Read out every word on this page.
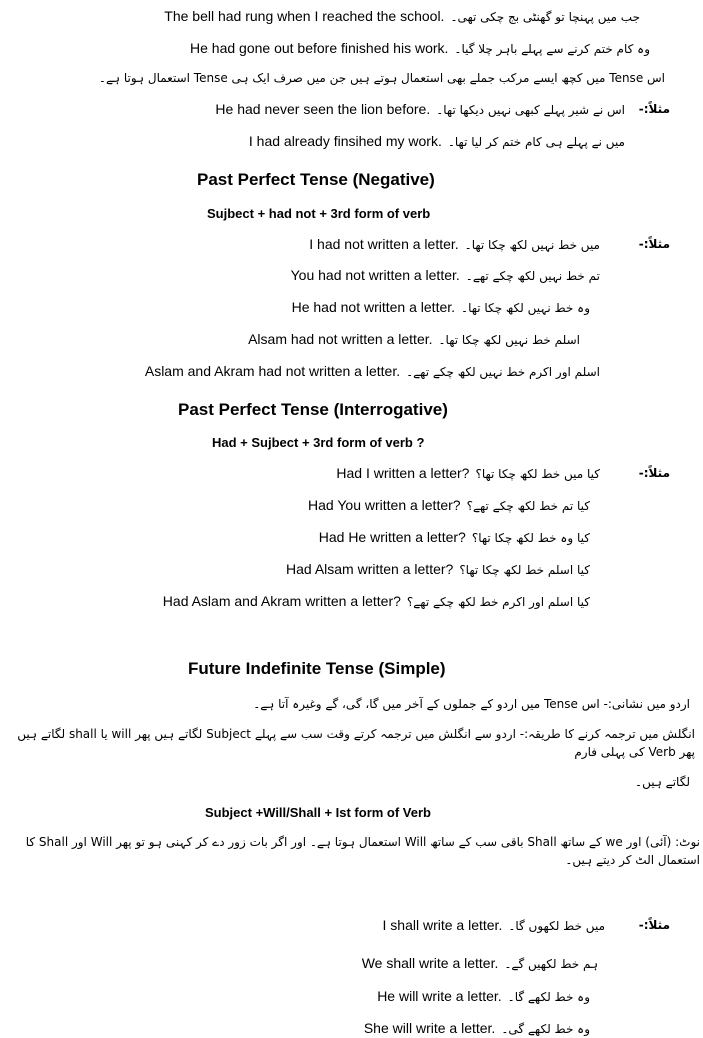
The bell had rung when I reached the school. جب میں پہنچا تو گھنٹی بج چکی تھی۔
He had gone out before finished his work. وہ کام ختم کرنے سے پہلے باہر چلا گیا۔
اس Tense میں کچھ ایسے مرکب جملے بھی استعمال ہوتے ہیں جن میں صرف ایک ہی Tense استعمال ہوتا ہے۔
مثلاً:-
He had never seen the lion before. اس نے شیر پہلے کبھی نہیں دیکھا تھا۔
I had already finsihed my work. میں نے پہلے ہی کام ختم کر لیا تھا۔
Past Perfect Tense (Negative)
Sujbect + had not + 3rd form of verb
مثلاً:-
I had not written a letter. میں خط نہیں لکھ چکا تھا۔
You had not written a letter. تم خط نہیں لکھ چکے تھے۔
He had not written a letter. وہ خط نہیں لکھ چکا تھا۔
Alsam had not written a letter. اسلم خط نہیں لکھ چکا تھا۔
Aslam and Akram had not written a letter. اسلم اور اکرم خط نہیں لکھ چکے تھے۔
Past Perfect Tense (Interrogative)
Had + Sujbect + 3rd form of verb ?
مثلاً:-
Had I written a letter? کیا میں خط لکھ چکا تھا؟
Had You written a letter? کیا تم خط لکھ چکے تھے؟
Had He written a letter? کیا وہ خط لکھ چکا تھا؟
Had Alsam written a letter? کیا اسلم خط لکھ چکا تھا؟
Had Aslam and Akram written a letter? کیا اسلم اور اکرم خط لکھ چکے تھے؟
Future Indefinite Tense (Simple)
اردو میں نشانی:- اس Tense میں اردو کے جملوں کے آخر میں گا، گی، گے وغیرہ آتا ہے۔
انگلش میں ترجمہ کرنے کا طریقہ:- اردو سے انگلش میں ترجمہ کرتے وقت سب سے پہلے Subject لگاتے ہیں پھر will یا shall لگاتے ہیں پھر Verb کی پہلی فارم
لگاتے ہیں۔
Subject +Will/Shall + Ist form of Verb
نوٹ: (آئی) اور we کے ساتھ Shall باقی سب کے ساتھ Will استعمال ہوتا ہے۔ اور اگر بات زور دے کر کہنی ہو تو پھر Will اور Shall کا استعمال الٹ کر دیتے ہیں۔
مثلاً:-
I shall write a letter. میں خط لکھوں گا۔
We shall write a letter. ہم خط لکھیں گے۔
He will write a letter. وہ خط لکھے گا۔
She will write a letter. وہ خط لکھے گی۔
